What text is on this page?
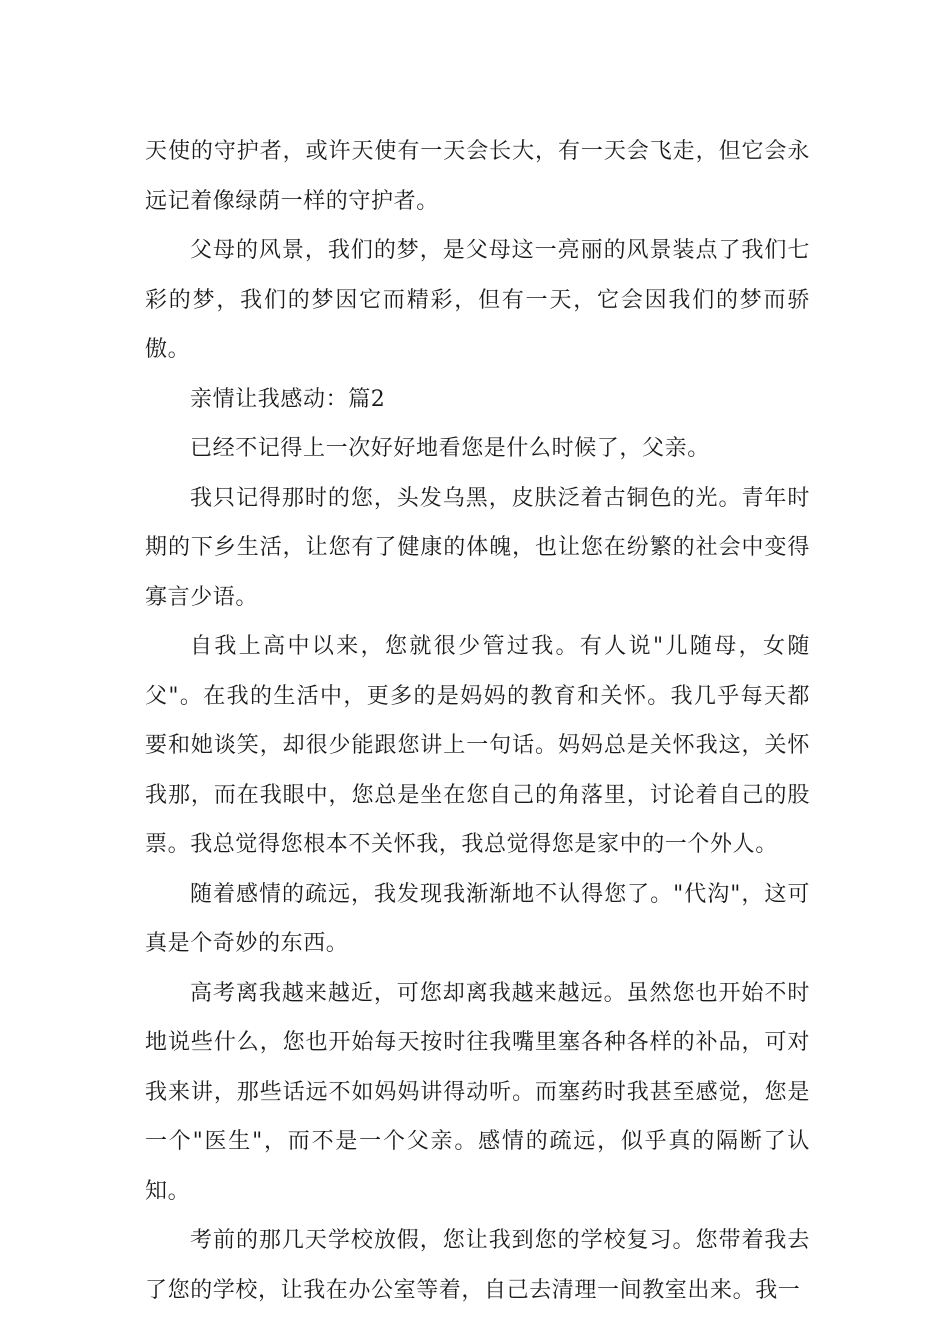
天使的守护者，或许天使有一天会长大，有一天会飞走，但它会永远记着像绿荫一样的守护者。

父母的风景，我们的梦，是父母这一亮丽的风景装点了我们七彩的梦，我们的梦因它而精彩，但有一天，它会因我们的梦而骄傲。

亲情让我感动：篇2

已经不记得上一次好好地看您是什么时候了，父亲。

我只记得那时的您，头发乌黑，皮肤泛着古铜色的光。青年时期的下乡生活，让您有了健康的体魄，也让您在纷繁的社会中变得寡言少语。

自我上高中以来，您就很少管过我。有人说"儿随母，女随父"。在我的生活中，更多的是妈妈的教育和关怀。我几乎每天都要和她谈笑，却很少能跟您讲上一句话。妈妈总是关怀我这，关怀我那，而在我眼中，您总是坐在您自己的角落里，讨论着自己的股票。我总觉得您根本不关怀我，我总觉得您是家中的一个外人。

随着感情的疏远，我发现我渐渐地不认得您了。"代沟"，这可真是个奇妙的东西。

高考离我越来越近，可您却离我越来越远。虽然您也开始不时地说些什么，您也开始每天按时往我嘴里塞各种各样的补品，可对我来讲，那些话远不如妈妈讲得动听。而塞药时我甚至感觉，您是一个"医生"，而不是一个父亲。感情的疏远，似乎真的隔断了认知。

考前的那几天学校放假，您让我到您的学校复习。您带着我去了您的学校，让我在办公室等着，自己去清理一间教室出来。我一
